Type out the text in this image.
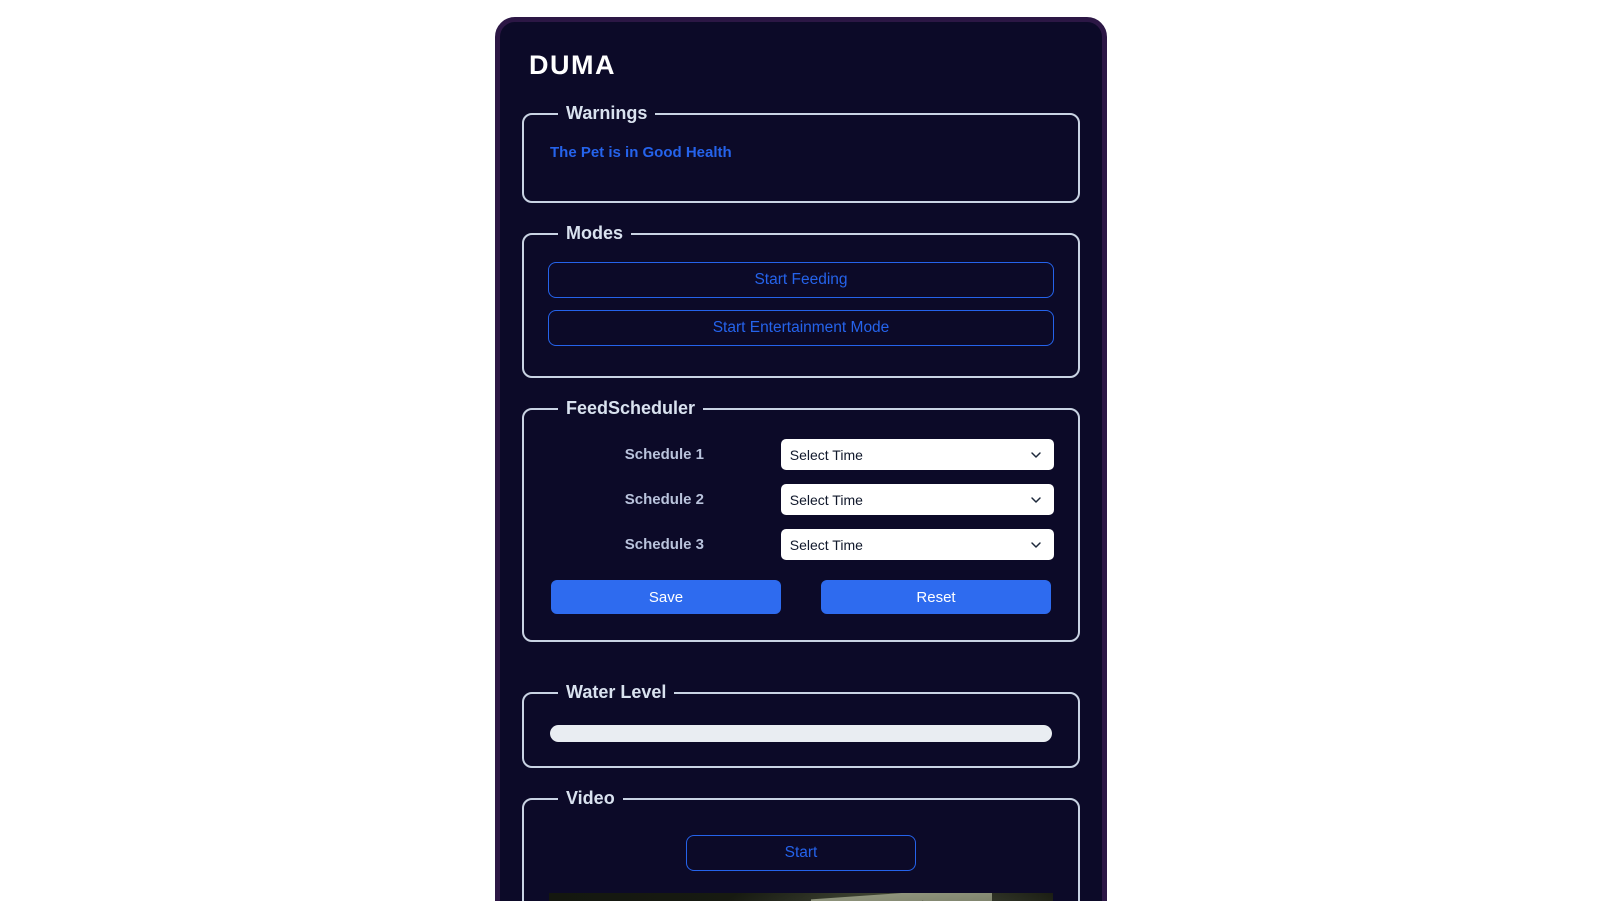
DUMA
Warnings
The Pet is in Good Health
Modes
Start Feeding
Start Entertainment Mode
FeedScheduler
Schedule 1	Select Time
Schedule 2	Select Time
Schedule 3	Select Time
Save	Reset
Water Level
Video
Start
